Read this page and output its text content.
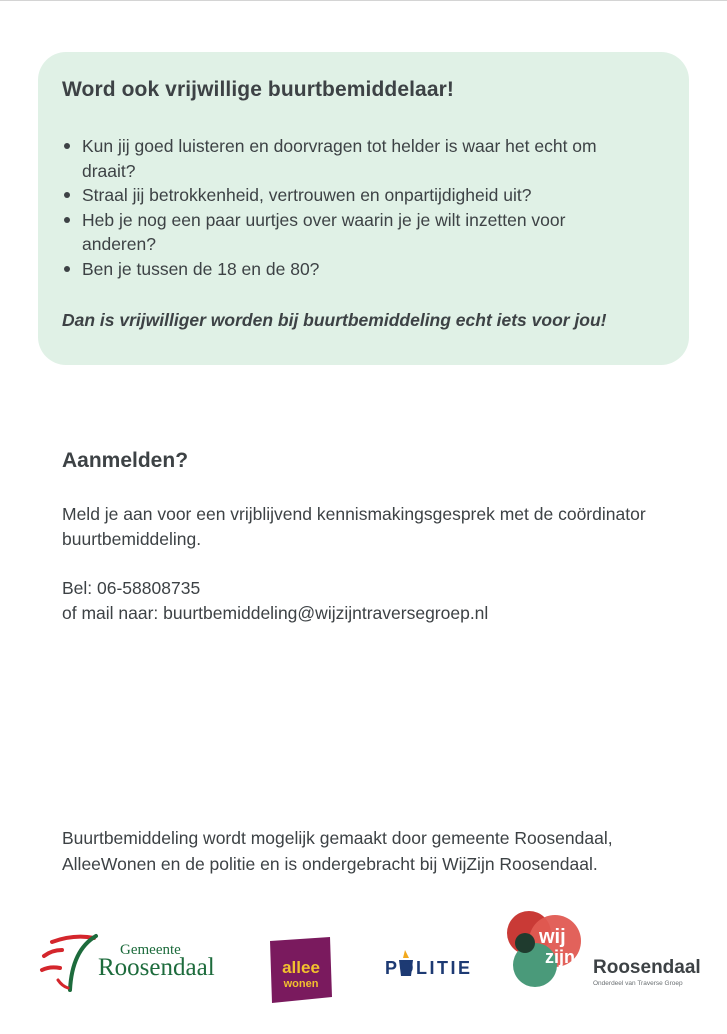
Word ook vrijwillige buurtbemiddelaar!
Kun jij goed luisteren en doorvragen tot helder is waar het echt om draait?
Straal jij betrokkenheid, vertrouwen en onpartijdigheid uit?
Heb je nog een paar uurtjes over waarin je je wilt inzetten voor anderen?
Ben je tussen de 18 en de 80?

Dan is vrijwilliger worden bij buurtbemiddeling echt iets voor jou!

Aanmelden?

Meld je aan voor een vrijblijvend kennismakingsgesprek met de coördinator buurtbemiddeling.

Bel: 06-58808735
of mail naar: buurtbemiddeling@wijzijntraversegroep.nl

Buurtbemiddeling wordt mogelijk gemaakt door gemeente Roosendaal, AlleeWonen en de politie en is ondergebracht bij WijZijn Roosendaal.

Gemeente
Roosendaal	allee
wonen
POLITIE
wij
zijn Roosendaal
Onderdeel van Traverse Groep
